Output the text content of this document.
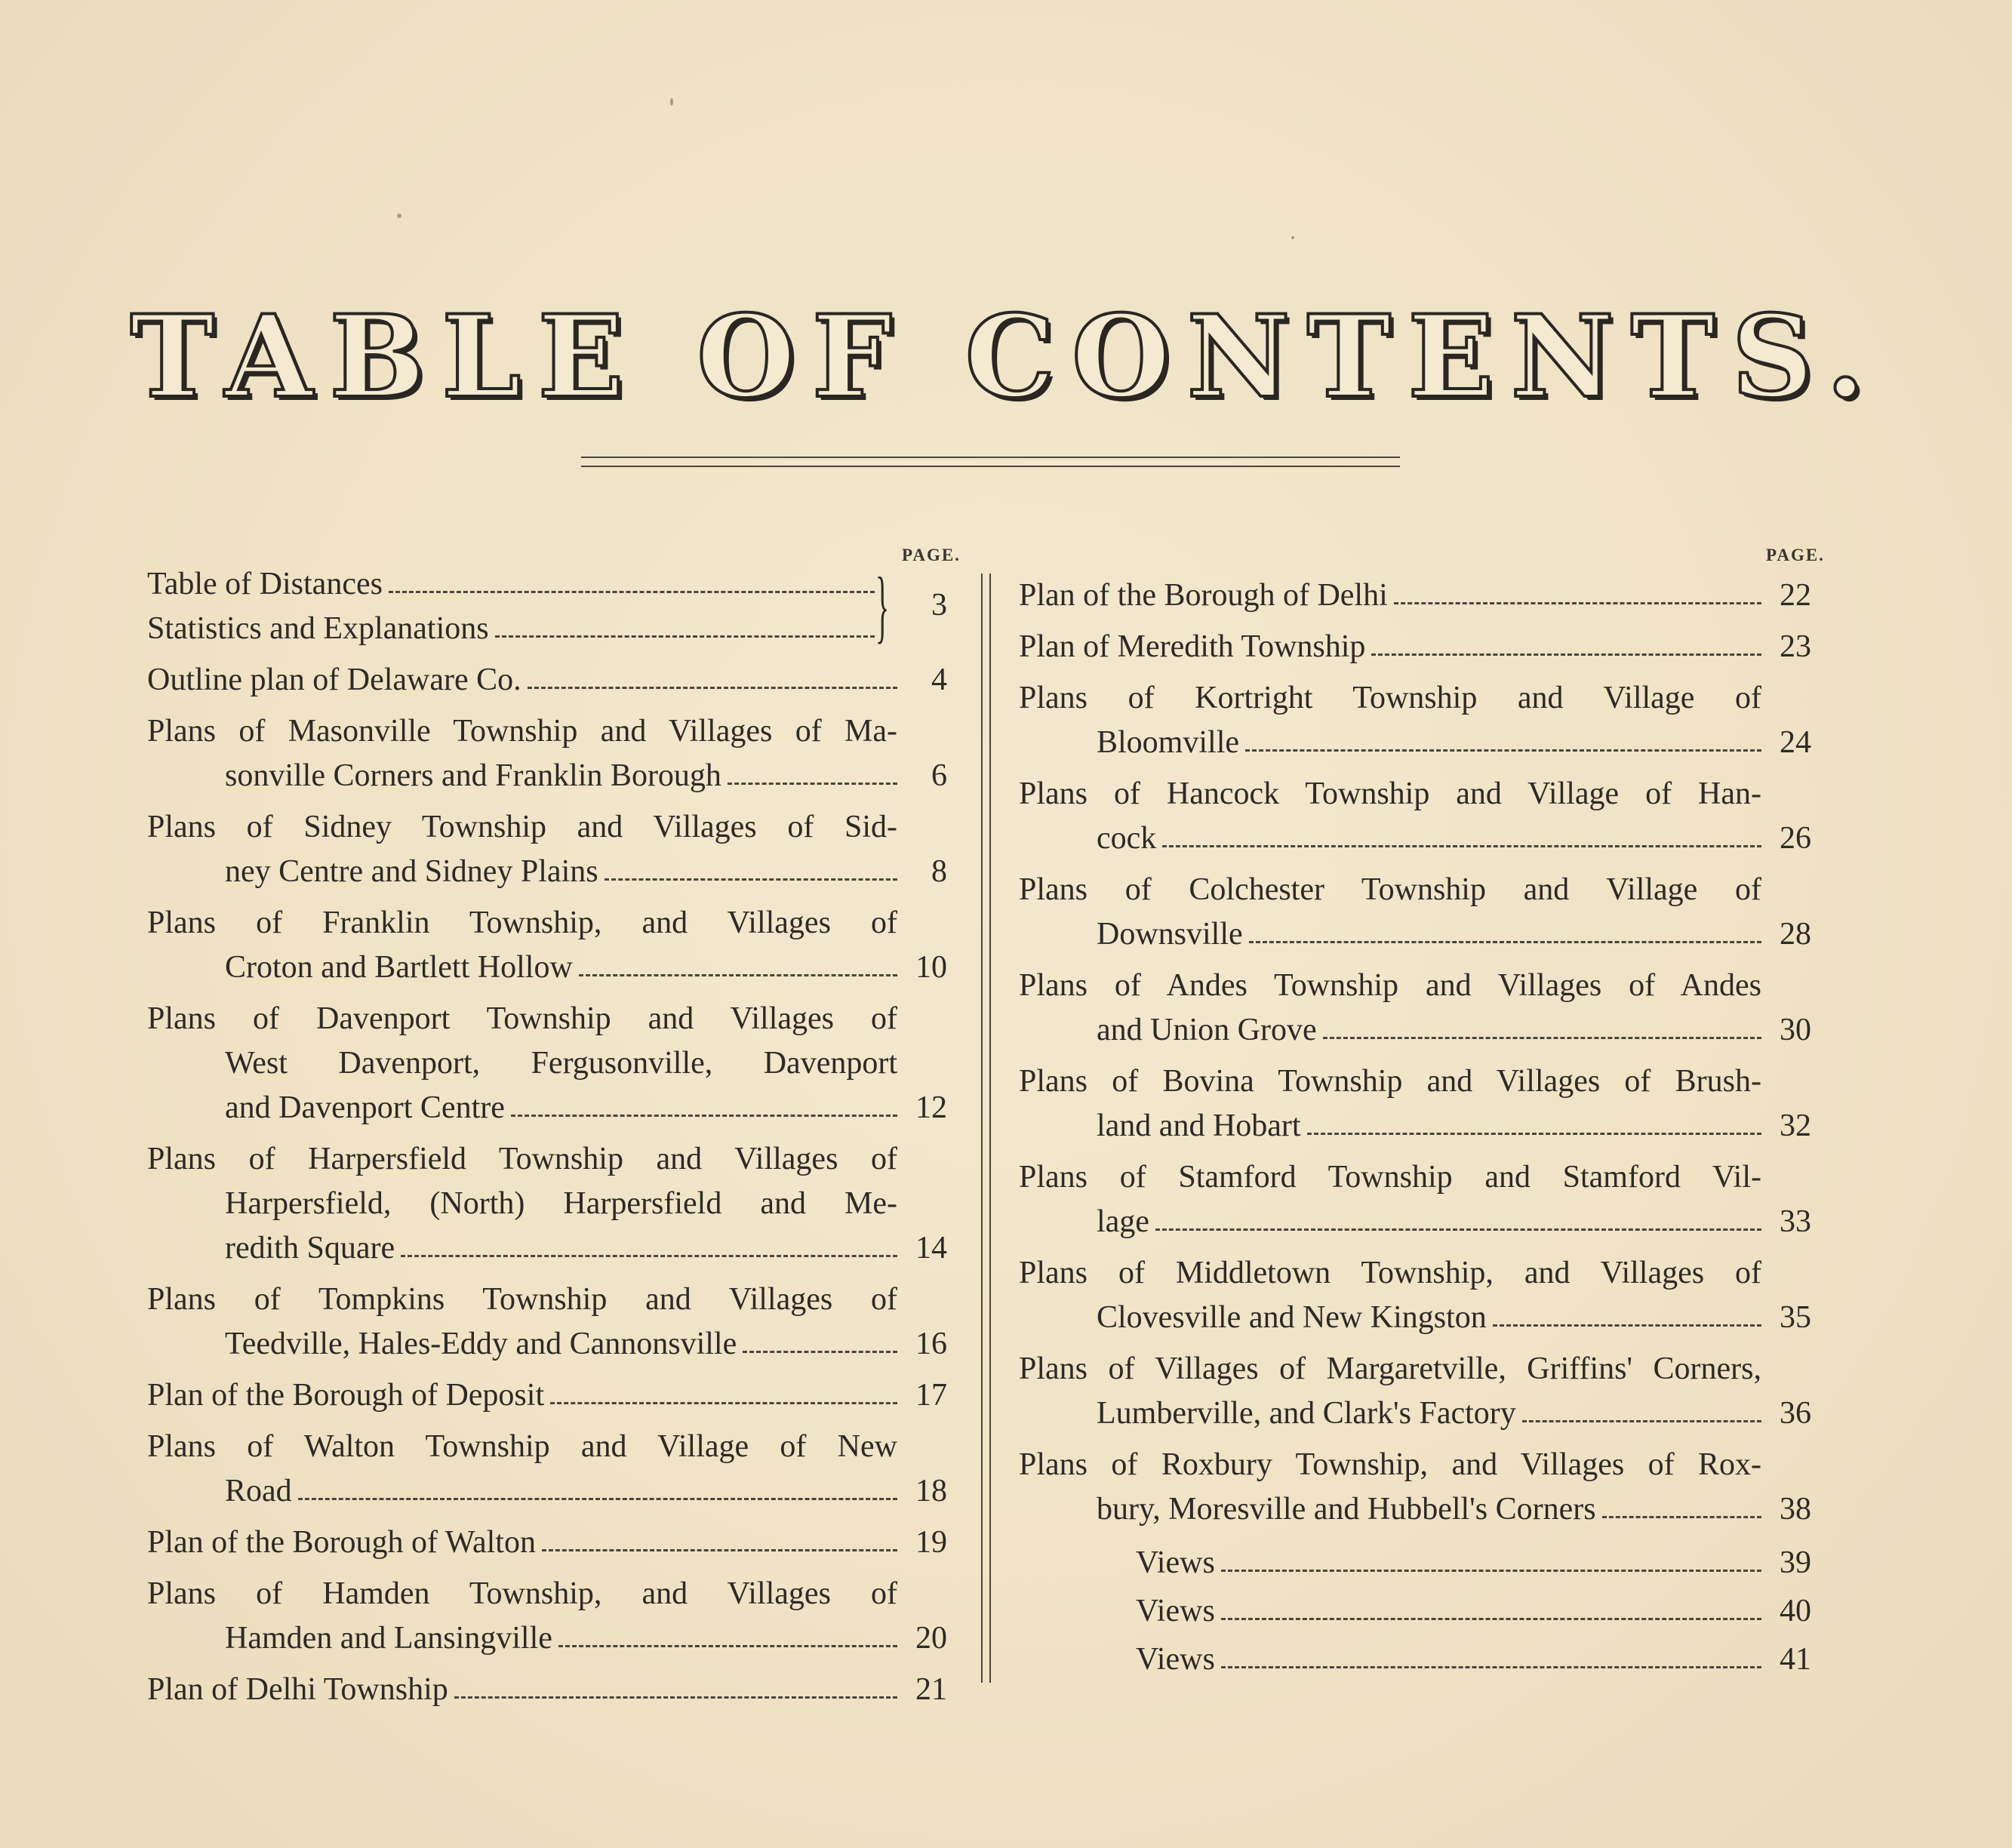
TABLE OF CONTENTS.
PAGE.	PAGE.
Table of Distances
Statistics and Explanations	} 3
Outline plan of Delaware Co.	4
Plans of Masonville Township and Villages of Ma-
sonville Corners and Franklin Borough	6
Plans of Sidney Township and Villages of Sid-
ney Centre and Sidney Plains	8
Plans of Franklin Township, and Villages of
Croton and Bartlett Hollow	10
Plans of Davenport Township and Villages of
West Davenport, Fergusonville, Davenport
and Davenport Centre	12
Plans of Harpersfield Township and Villages of
Harpersfield, (North) Harpersfield and Me-
redith Square	14
Plans of Tompkins Township and Villages of
Teedville, Hales-Eddy and Cannonsville	16
Plan of the Borough of Deposit	17
Plans of Walton Township and Village of New
Road	18
Plan of the Borough of Walton	19
Plans of Hamden Township, and Villages of
Hamden and Lansingville	20
Plan of Delhi Township	21
Plan of the Borough of Delhi	22
Plan of Meredith Township	23
Plans of Kortright Township and Village of
Bloomville	24
Plans of Hancock Township and Village of Han-
cock	26
Plans of Colchester Township and Village of
Downsville	28
Plans of Andes Township and Villages of Andes
and Union Grove	30
Plans of Bovina Township and Villages of Brush-
land and Hobart	32
Plans of Stamford Township and Stamford Vil-
lage	33
Plans of Middletown Township, and Villages of
Clovesville and New Kingston	35
Plans of Villages of Margaretville, Griffins' Corners,
Lumberville, and Clark's Factory	36
Plans of Roxbury Township, and Villages of Rox-
bury, Moresville and Hubbell's Corners	38
Views	39
Views	40
Views	41
